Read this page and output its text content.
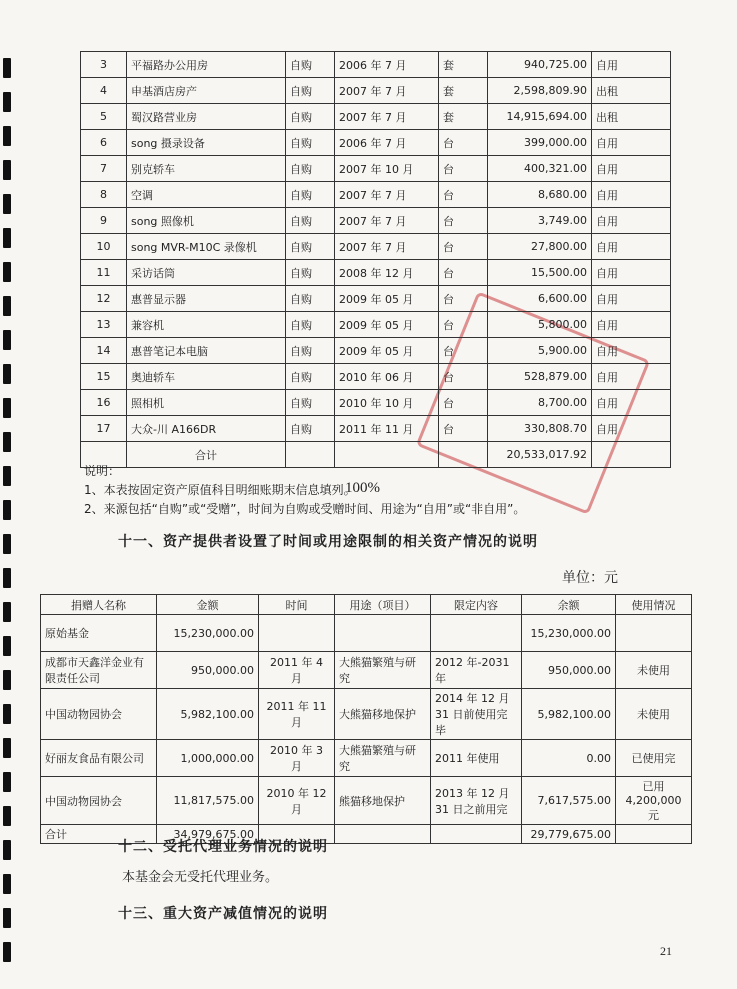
3	平福路办公用房	自购	2006 年 7 月	套	940,725.00	自用
4	申基酒店房产	自购	2007 年 7 月	套	2,598,809.90	出租
5	蜀汉路营业房	自购	2007 年 7 月	套	14,915,694.00	出租
6	song 摄录设备	自购	2006 年 7 月	台	399,000.00	自用
7	别克轿车	自购	2007 年 10 月	台	400,321.00	自用
8	空调	自购	2007 年 7 月	台	8,680.00	自用
9	song 照像机	自购	2007 年 7 月	台	3,749.00	自用
10	song MVR-M10C 录像机	自购	2007 年 7 月	台	27,800.00	自用
11	采访话筒	自购	2008 年 12 月	台	15,500.00	自用
12	惠普显示器	自购	2009 年 05 月	台	6,600.00	自用
13	兼容机	自购	2009 年 05 月	台	5,800.00	自用
14	惠普笔记本电脑	自购	2009 年 05 月	台	5,900.00	自用
15	奥迪轿车	自购	2010 年 06 月	台	528,879.00	自用
16	照相机	自购	2010 年 10 月	台	8,700.00	自用
17	大众-川 A166DR	自购	2011 年 11 月	台	330,808.70	自用
	合计				20,533,017.92	
说明：
1、本表按固定资产原值科目明细账期末信息填列。
2、来源包括“自购”或“受赠”，时间为自购或受赠时间、用途为“自用”或“非自用”。
100%
十一、资产提供者设置了时间或用途限制的相关资产情况的说明
单位：元
捐赠人名称	金额	时间	用途（项目）	限定内容	余额	使用情况
原始基金	15,230,000.00				15,230,000.00	
成都市天鑫洋金业有限责任公司	950,000.00	2011 年 4 月	大熊猫繁殖与研究	2012 年-2031 年	950,000.00	未使用
中国动物园协会	5,982,100.00	2011 年 11 月	大熊猫移地保护	2014 年 12 月 31 日前使用完毕	5,982,100.00	未使用
好丽友食品有限公司	1,000,000.00	2010 年 3 月	大熊猫繁殖与研究	2011 年使用	0.00	已使用完
中国动物园协会	11,817,575.00	2010 年 12 月	熊猫移地保护	2013 年 12 月 31 日之前用完	7,617,575.00	已用 4,200,000 元
合计	34,979,675.00				29,779,675.00	
十二、受托代理业务情况的说明
本基金会无受托代理业务。
十三、重大资产减值情况的说明
21
